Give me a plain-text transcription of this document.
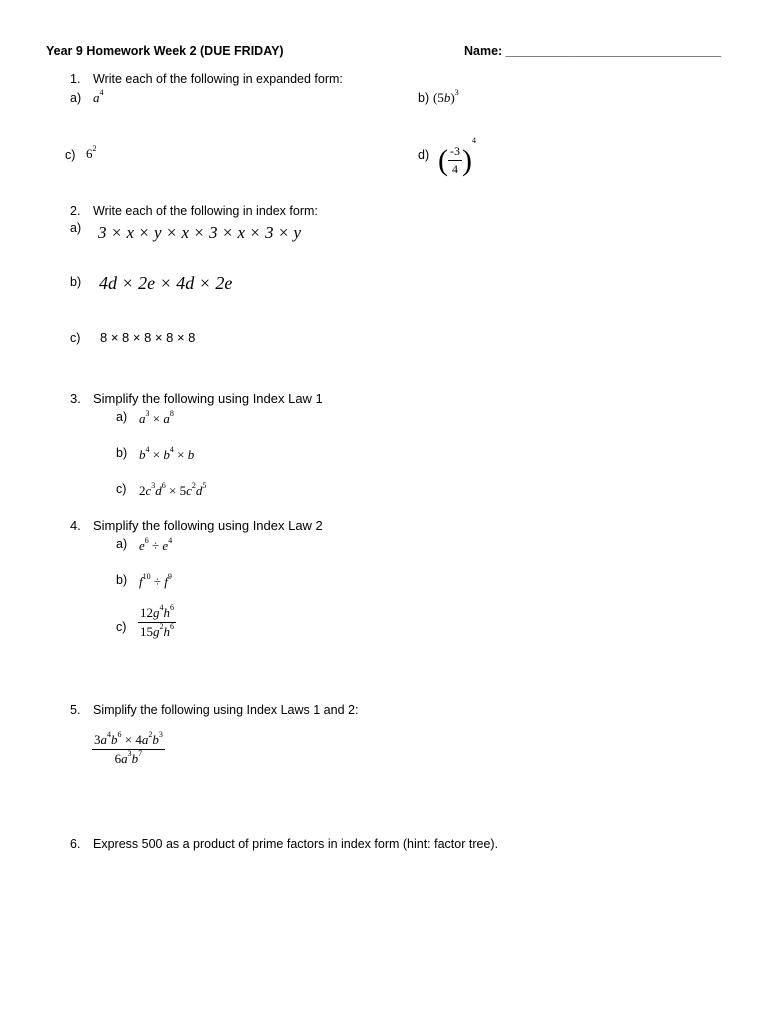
Year 9 Homework Week 2 (DUE FRIDAY)	Name: _______________________________
1. Write each of the following in expanded form:
a) $a^4$	b) $(5b)^3$
c) $6^2$	d) ( $\frac{-3}{4} )^4$
2. Write each of the following in index form:
a) 3 × x × y × x × 3 × x × 3 × y
b) 4d × 2e × 4d × 2e
c) 8 × 8 × 8 × 8 × 8
3. Simplify the following using Index Law 1
a) $a^3 \times a^8$
b) $b^4 \times b^4 \times b$
c) $2c^3d^6 \times 5c^2d^5$
4. Simplify the following using Index Law 2
a) $e^6 \div e^4$
b) $f^{10} \div f^9$
$c) \frac{12g^4h^6}{15g^2h^6}$
5. Simplify the following using Index Laws 1 and 2:
$\frac{3a^4b^6 \times 4a^2b^3}{6a^3b^7}$
6. Express 500 as a product of prime factors in index form (hint: factor tree).
